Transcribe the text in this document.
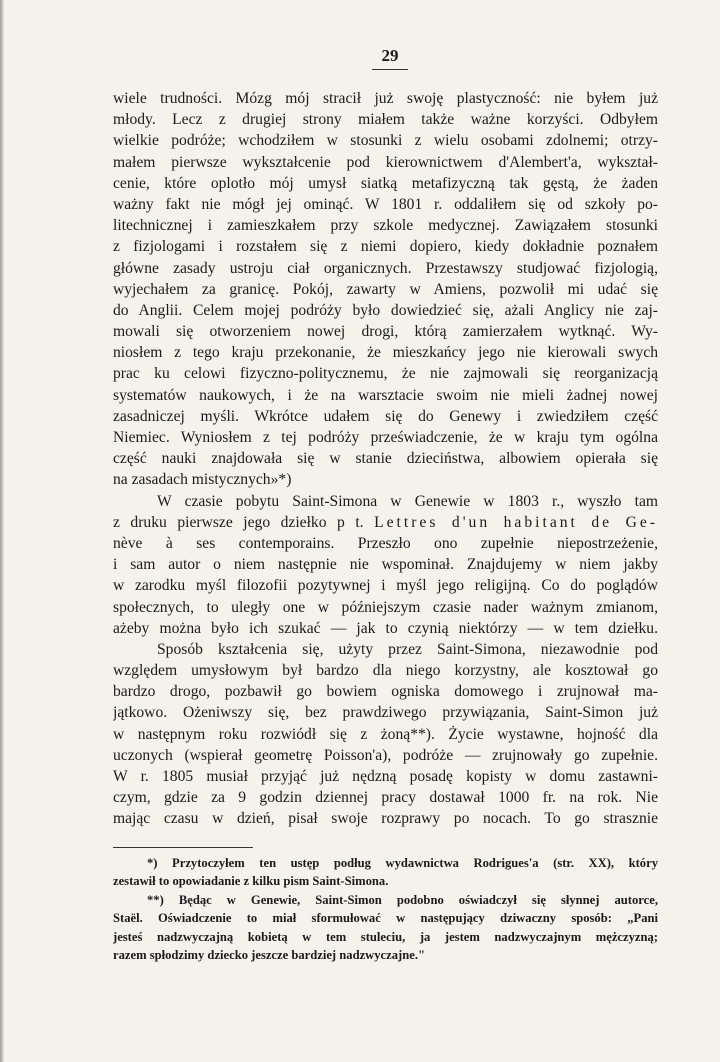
29
wiele trudności. Mózg mój stracił już swoję plastyczność: nie byłem już
młody. Lecz z drugiej strony miałem także ważne korzyści. Odbyłem
wielkie podróże; wchodziłem w stosunki z wielu osobami zdolnemi; otrzy-
małem pierwsze wykształcenie pod kierownictwem d'Alembert'a, wykształ-
cenie, które oplotło mój umysł siatką metafizyczną tak gęstą, że żaden
ważny fakt nie mógł jej ominąć. W 1801 r. oddaliłem się od szkoły po-
litechnicznej i zamieszkałem przy szkole medycznej. Zawiązałem stosunki
z fizjologami i rozstałem się z niemi dopiero, kiedy dokładnie poznałem
główne zasady ustroju ciał organicznych. Przestawszy studjować fizjologią,
wyjechałem za granicę. Pokój, zawarty w Amiens, pozwolił mi udać się
do Anglii. Celem mojej podróży było dowiedzieć się, ażali Anglicy nie zaj-
mowali się otworzeniem nowej drogi, którą zamierzałem wytknąć. Wy-
niosłem z tego kraju przekonanie, że mieszkańcy jego nie kierowali swych
prac ku celowi fizyczno-politycznemu, że nie zajmowali się reorganizacją
systematów naukowych, i że na warsztacie swoim nie mieli żadnej nowej
zasadniczej myśli. Wkrótce udałem się do Genewy i zwiedziłem część
Niemiec. Wyniosłem z tej podróży przeświadczenie, że w kraju tym ogólna
część nauki znajdowała się w stanie dzieciństwa, albowiem opierała się
na zasadach mistycznych»*)
W czasie pobytu Saint-Simona w Genewie w 1803 r., wyszło tam
z druku pierwsze jego dziełko p t. Lettres d'un habitant de Ge-
nève à ses contemporains. Przeszło ono zupełnie niepostrzeżenie,
i sam autor o niem następnie nie wspominał. Znajdujemy w niem jakby
w zarodku myśl filozofii pozytywnej i myśl jego religijną. Co do poglądów
społecznych, to uległy one w późniejszym czasie nader ważnym zmianom,
ażeby można było ich szukać — jak to czynią niektórzy — w tem dziełku.
Sposób kształcenia się, użyty przez Saint-Simona, niezawodnie pod
względem umysłowym był bardzo dla niego korzystny, ale kosztował go
bardzo drogo, pozbawił go bowiem ogniska domowego i zrujnował ma-
jątkowo. Ożeniwszy się, bez prawdziwego przywiązania, Saint-Simon już
w następnym roku rozwiódł się z żoną**). Życie wystawne, hojność dla
uczonych (wspierał geometrę Poisson'a), podróże — zrujnowały go zupełnie.
W r. 1805 musiał przyjąć już nędzną posadę kopisty w domu zastawni-
czym, gdzie za 9 godzin dziennej pracy dostawał 1000 fr. na rok. Nie
mając czasu w dzień, pisał swoje rozprawy po nocach. To go strasznie
*) Przytoczyłem ten ustęp podług wydawnictwa Rodrigues'a (str. XX), który
zestawił to opowiadanie z kilku pism Saint-Simona.
**) Będąc w Genewie, Saint-Simon podobno oświadczył się słynnej autorce,
Staël. Oświadczenie to miał sformułować w następujący dziwaczny sposób: „Pani
jesteś nadzwyczajną kobietą w tem stuleciu, ja jestem nadzwyczajnym mężczyzną;
razem spłodzimy dziecko jeszcze bardziej nadzwyczajne."
